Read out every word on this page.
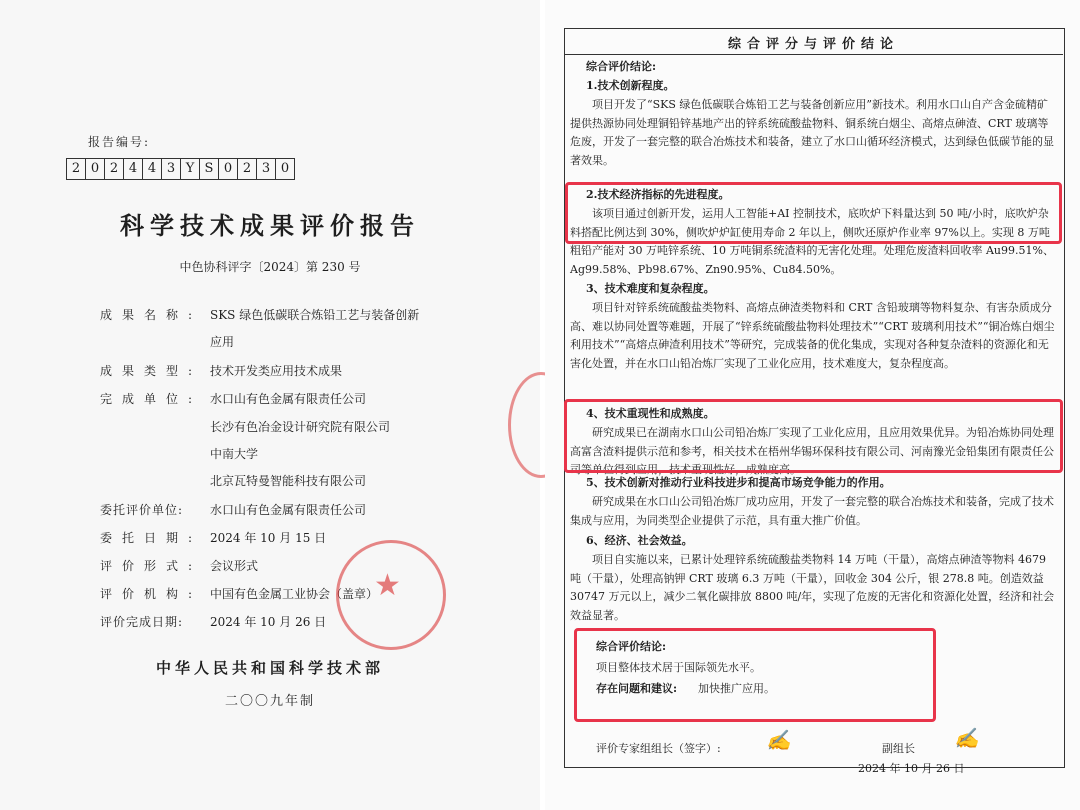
报告编号:
2 0 2 4 4 3 Y S 0 2 3 0
科学技术成果评价报告
中色协科评字〔2024〕第 230 号
成果名称: SKS 绿色低碳联合炼铅工艺与装备创新
应用
成果类型: 技术开发类应用技术成果
完成单位: 水口山有色金属有限责任公司
长沙有色冶金设计研究院有限公司
中南大学
北京瓦特曼智能科技有限公司
委托评价单位: 水口山有色金属有限责任公司
委托日期: 2024 年 10 月 15 日
评价形式: 会议形式
评价机构: 中国有色金属工业协会（盖章）
评价完成日期: 2024 年 10 月 26 日
★
中华人民共和国科学技术部
二〇〇九年制
综合评分与评价结论
综合评价结论:
1.技术创新程度。
项目开发了“SKS 绿色低碳联合炼铅工艺与装备创新应用”新技术。利用水口山自产含金硫精矿提供热源协同处理铜铅锌基地产出的锌系统硫酸盐物料、铜系统白烟尘、高熔点砷渣、CRT 玻璃等危废，开发了一套完整的联合冶炼技术和装备，建立了水口山循环经济模式，达到绿色低碳节能的显著效果。
2.技术经济指标的先进程度。
该项目通过创新开发，运用人工智能+AI 控制技术，底吹炉下料量达到 50 吨/小时，底吹炉杂料搭配比例达到 30%，侧吹炉炉缸使用寿命 2 年以上，侧吹还原炉作业率 97%以上。实现 8 万吨粗铅产能对 30 万吨锌系统、10 万吨铜系统渣料的无害化处理。处理危废渣料回收率 Au99.51%、Ag99.58%、Pb98.67%、Zn90.95%、Cu84.50%。
3、技术难度和复杂程度。
项目针对锌系统硫酸盐类物料、高熔点砷渣类物料和 CRT 含铅玻璃等物料复杂、有害杂质成分高、难以协同处置等难题，开展了“锌系统硫酸盐物料处理技术”“CRT 玻璃利用技术”“铜冶炼白烟尘利用技术”“高熔点砷渣利用技术”等研究，完成装备的优化集成，实现对各种复杂渣料的资源化和无害化处置，并在水口山铅冶炼厂实现了工业化应用，技术难度大，复杂程度高。
4、技术重现性和成熟度。
研究成果已在湖南水口山公司铅冶炼厂实现了工业化应用，且应用效果优异。为铅冶炼协同处理高富含渣料提供示范和参考，相关技术在梧州华锡环保科技有限公司、河南豫光金铅集团有限责任公司等单位得到应用，技术重现性好，成熟度高。
5、技术创新对推动行业科技进步和提高市场竞争能力的作用。
研究成果在水口山公司铅冶炼厂成功应用，开发了一套完整的联合冶炼技术和装备，完成了技术集成与应用，为同类型企业提供了示范，具有重大推广价值。
6、经济、社会效益。
项目自实施以来，已累计处理锌系统硫酸盐类物料 14 万吨（干量），高熔点砷渣等物料 4679 吨（干量），处理高钠钾 CRT 玻璃 6.3 万吨（干量），回收金 304 公斤，银 278.8 吨。创造效益 30747 万元以上，减少二氧化碳排放 8800 吨/年，实现了危废的无害化和资源化处置，经济和社会效益显著。
综合评价结论:
项目整体技术居于国际领先水平。
存在问题和建议: 加快推广应用。
评价专家组组长（签字）: ✍	副组长 ✍
2024 年 10 月 26 日
